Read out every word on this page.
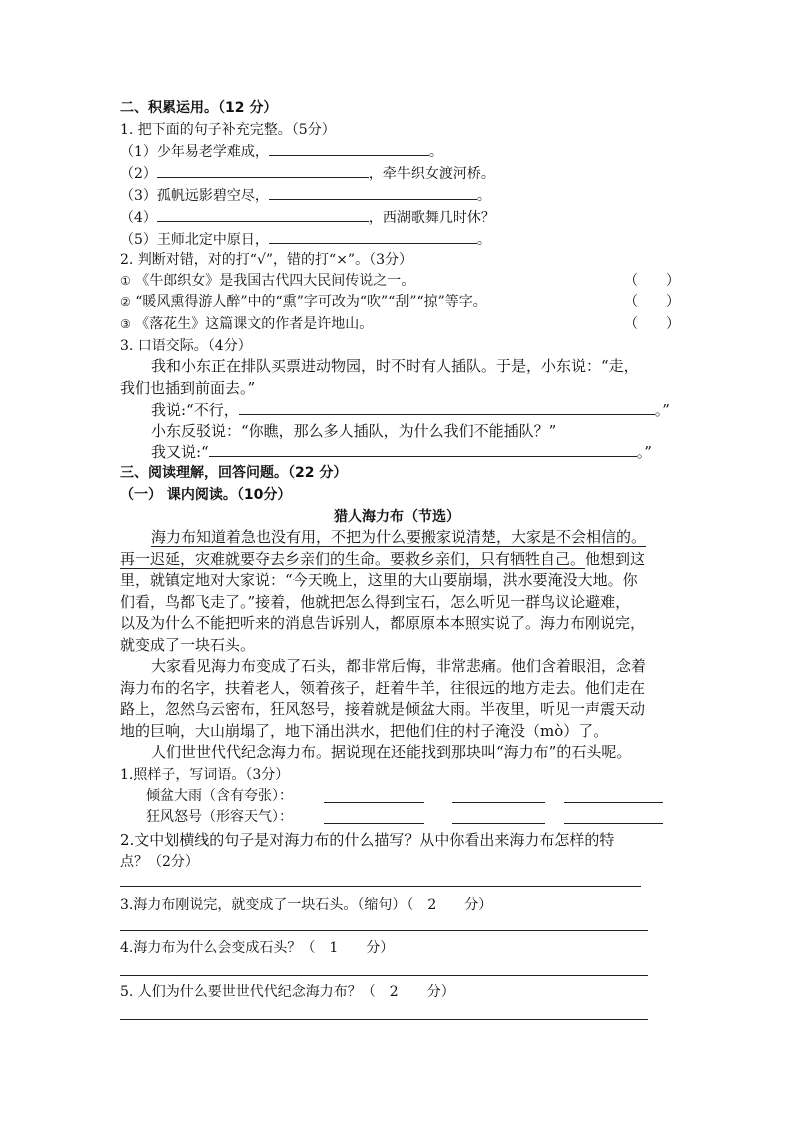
二、积累运用。（12 分）
1. 把下面的句子补充完整。（5分）
（1）少年易老学难成，	。
（2）	，牵牛织女渡河桥。
（3）孤帆远影碧空尽，	。
（4）	，西湖歌舞几时休？
（5）王师北定中原日，	。
2. 判断对错，对的打“√”，错的打“×”。（3分）
① 《牛郎织女》是我国古代四大民间传说之一。	（　　）
② “暖风熏得游人醉”中的“熏”字可改为“吹”“刮”“掠”等字。	（　　）
③ 《落花生》这篇课文的作者是许地山。	（　　）
3. 口语交际。（4分）
我和小东正在排队买票进动物园，时不时有人插队。于是，小东说：“走，
我们也插到前面去。”
我说:“不行，	。”
小东反驳说：“你瞧，那么多人插队，为什么我们不能插队？”
我又说:“	。”
三、阅读理解，回答问题。（22 分）
（一） 课内阅读。（10分）
猎人海力布（节选）
海力布知道着急也没有用，不把为什么要搬家说清楚，大家是不会相信的。
再一迟延，灾难就要夺去乡亲们的生命。要救乡亲们，只有牺牲自己。他想到这
里，就镇定地对大家说：“今天晚上，这里的大山要崩塌，洪水要淹没大地。你
们看，鸟都飞走了。”接着，他就把怎么得到宝石，怎么听见一群鸟议论避难，
以及为什么不能把听来的消息告诉别人，都原原本本照实说了。海力布刚说完，
就变成了一块石头。
大家看见海力布变成了石头，都非常后悔，非常悲痛。他们含着眼泪，念着
海力布的名字，扶着老人，领着孩子，赶着牛羊，往很远的地方走去。他们走在
路上，忽然乌云密布，狂风怒号，接着就是倾盆大雨。半夜里，听见一声震天动
地的巨响，大山崩塌了，地下涌出洪水，把他们住的村子淹没（mò）了。
人们世世代代纪念海力布。据说现在还能找到那块叫“海力布”的石头呢。
1.照样子，写词语。（3分）
倾盆大雨（含有夸张）：
狂风怒号（形容天气）：
2.文中划横线的句子是对海力布的什么描写？从中你看出来海力布怎样的特
点？（2分）
3.海力布刚说完，就变成了一块石头。（缩句）（　2　　分）
4.海力布为什么会变成石头？（　1　　分）
5. 人们为什么要世世代代纪念海力布？（　2　　分）
